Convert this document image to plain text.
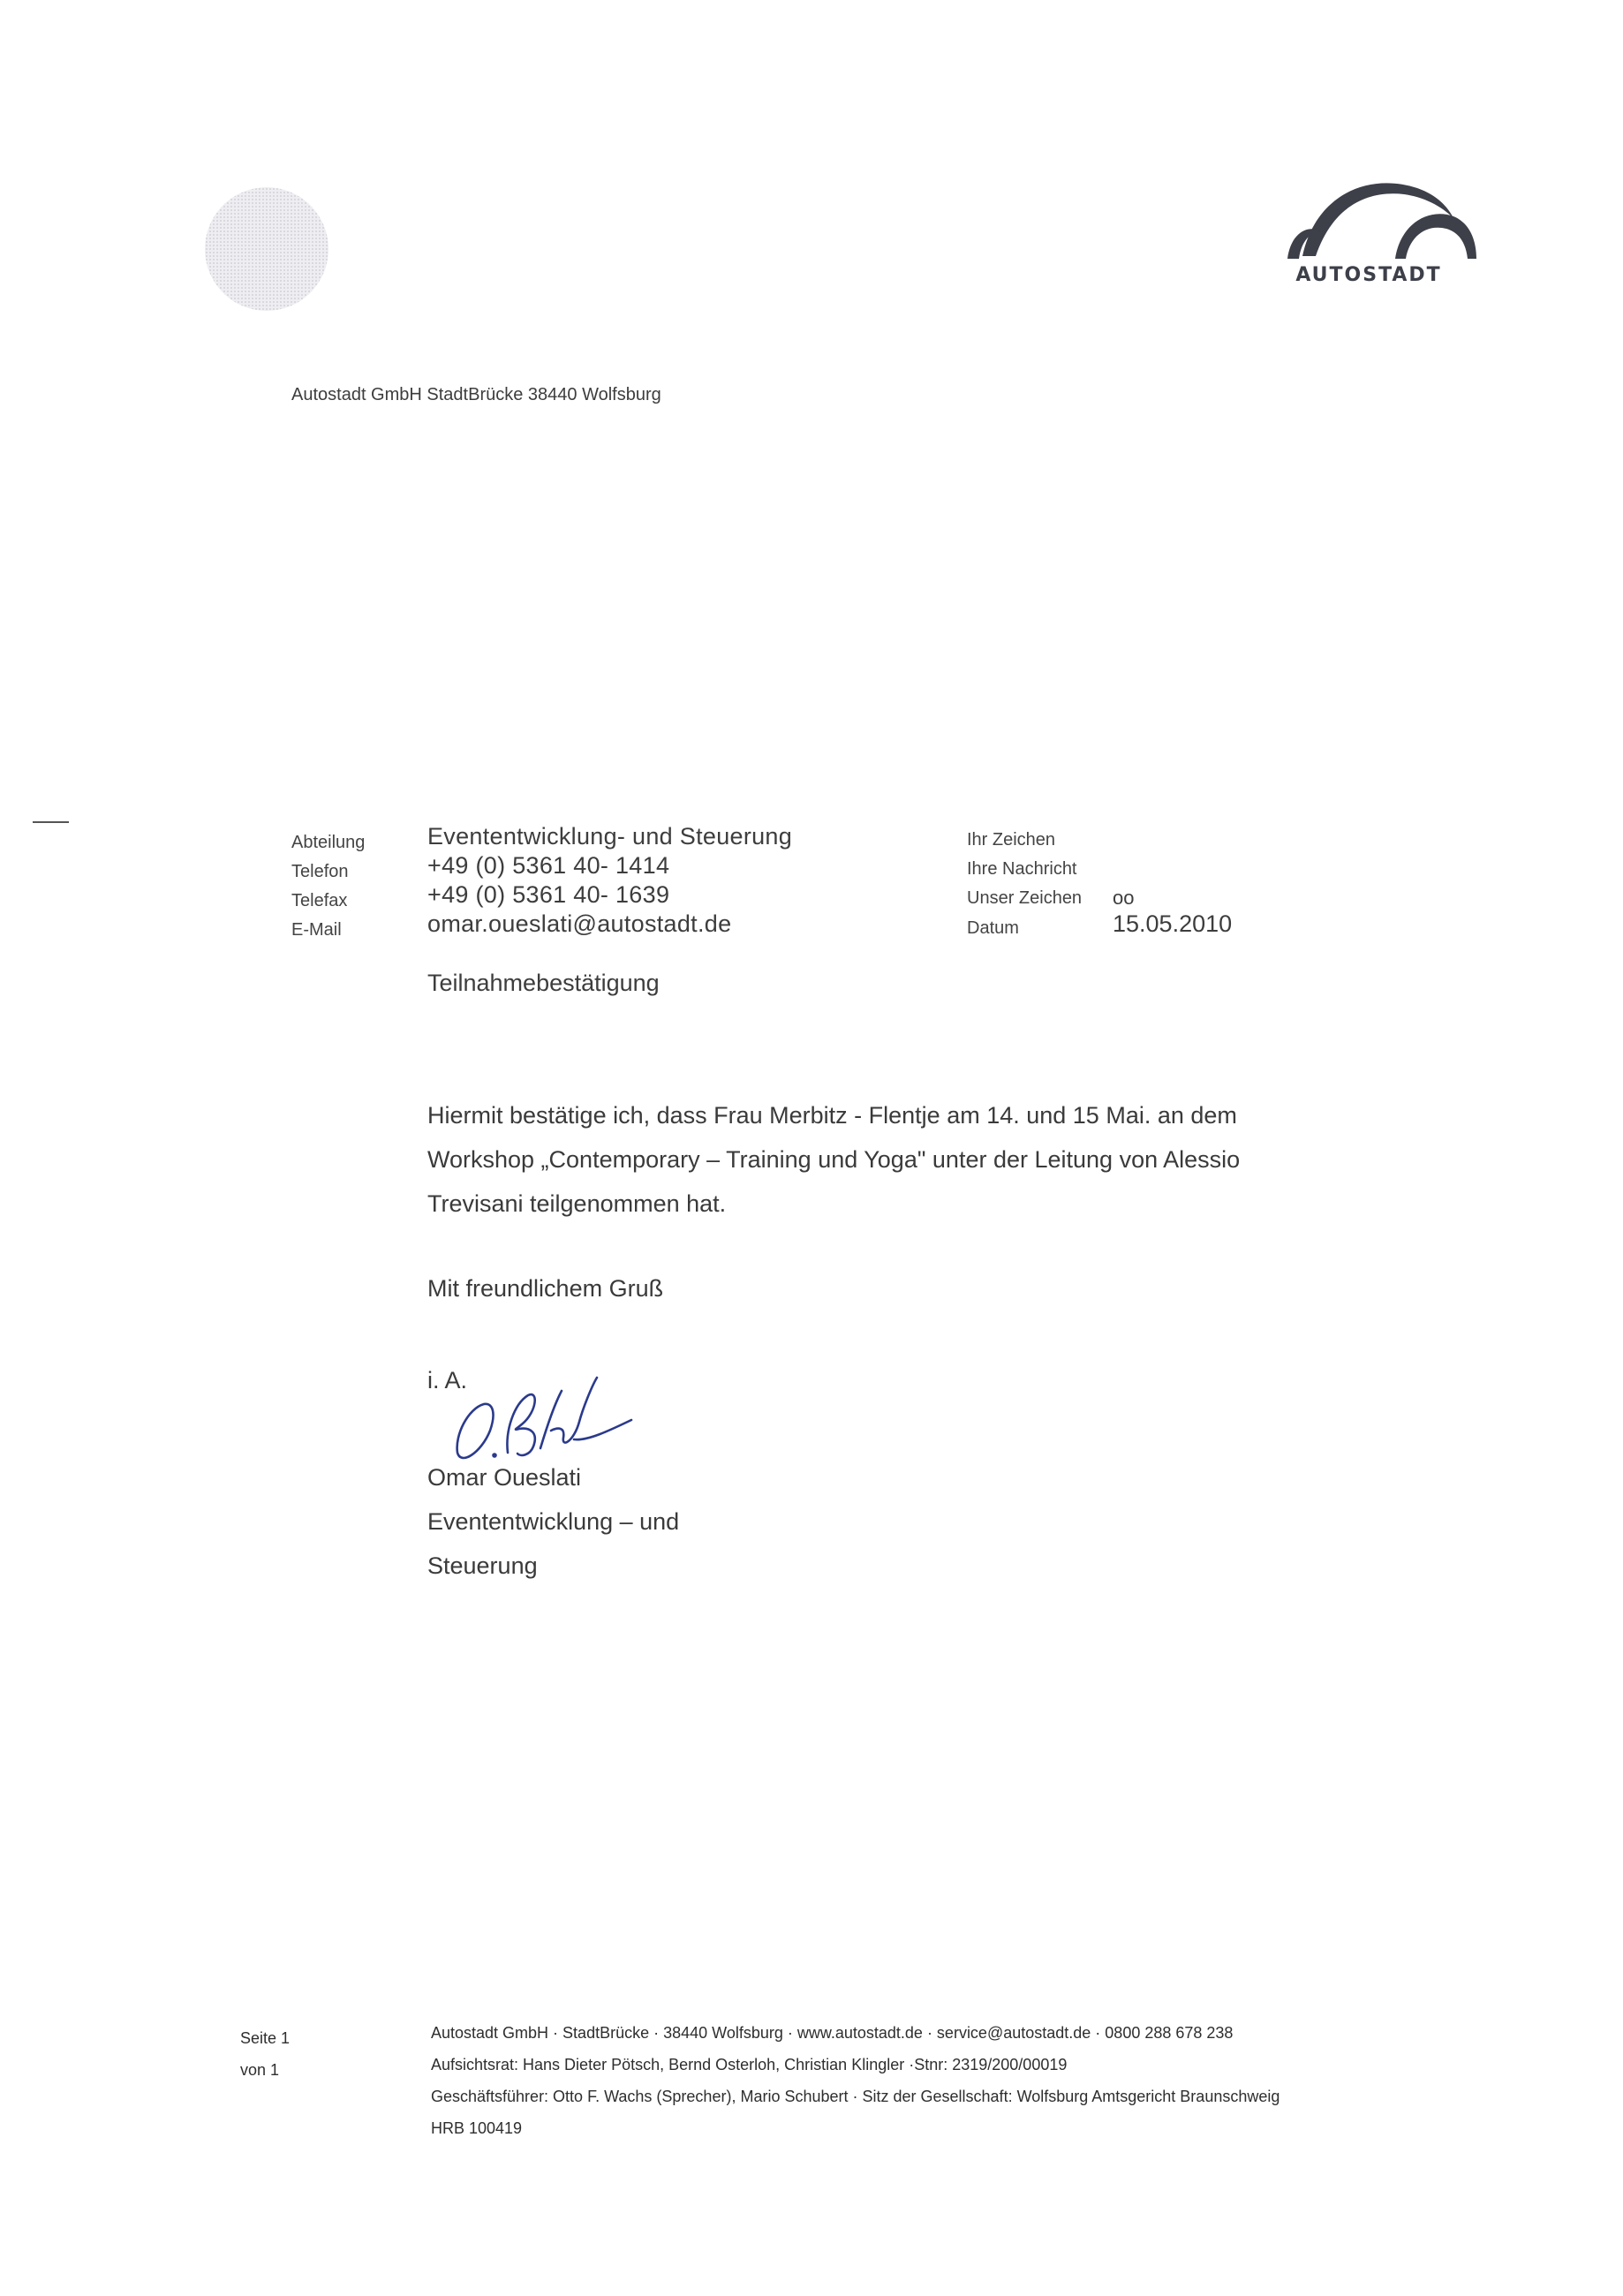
AUTOSTADT
Autostadt GmbH StadtBrücke 38440 Wolfsburg
Abteilung
Telefon
Telefax
E-Mail
Evententwicklung- und Steuerung
+49 (0) 5361 40- 1414
+49 (0) 5361 40- 1639
omar.oueslati@autostadt.de
Ihr Zeichen
Ihre Nachricht
Unser Zeichen
Datum
oo
15.05.2010
Teilnahmebestätigung
Hiermit bestätige ich, dass Frau Merbitz - Flentje am 14. und 15 Mai. an dem
Workshop „Contemporary – Training und Yoga" unter der Leitung von Alessio
Trevisani teilgenommen hat.
Mit freundlichem Gruß
i. A.
Omar Oueslati
Evententwicklung – und
Steuerung
Seite 1
von 1
Autostadt GmbH · StadtBrücke · 38440 Wolfsburg · www.autostadt.de · service@autostadt.de · 0800 288 678 238
Aufsichtsrat: Hans Dieter Pötsch, Bernd Osterloh, Christian Klingler ·Stnr: 2319/200/00019
Geschäftsführer: Otto F. Wachs (Sprecher), Mario Schubert · Sitz der Gesellschaft: Wolfsburg Amtsgericht Braunschweig
HRB 100419
